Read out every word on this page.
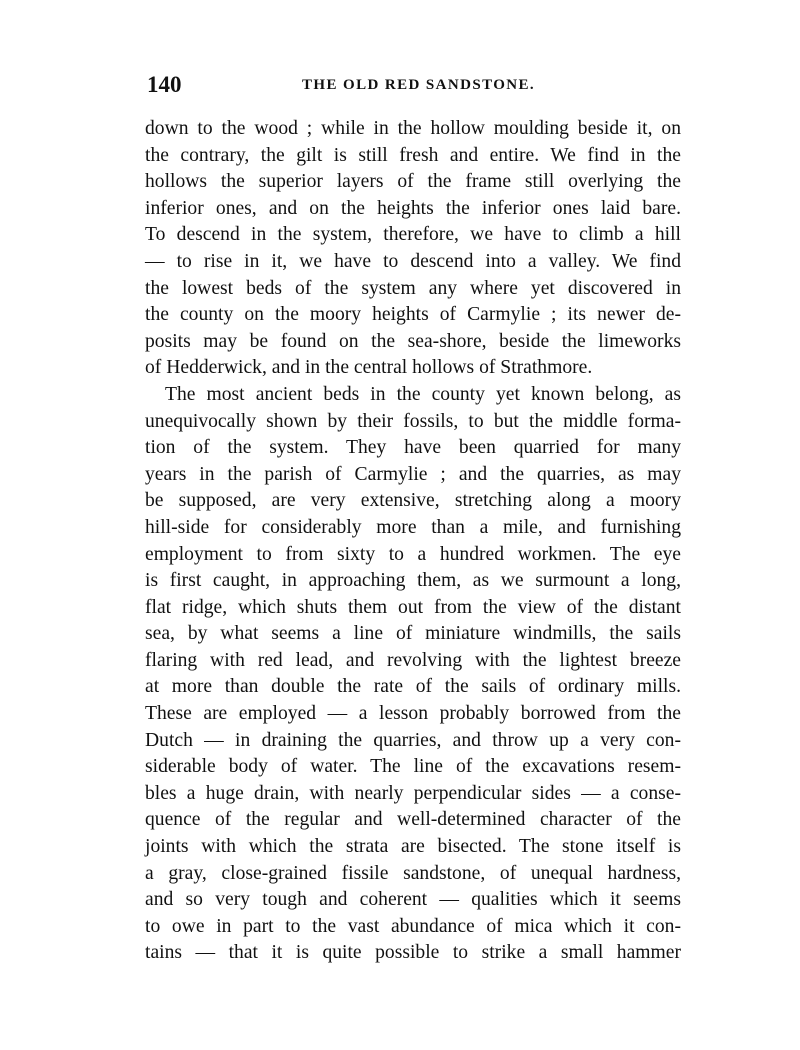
140	THE OLD RED SANDSTONE.
down to the wood ; while in the hollow moulding beside it, on
the contrary, the gilt is still fresh and entire. We find in the
hollows the superior layers of the frame still overlying the
inferior ones, and on the heights the inferior ones laid bare.
To descend in the system, therefore, we have to climb a hill
— to rise in it, we have to descend into a valley. We find
the lowest beds of the system any where yet discovered in
the county on the moory heights of Carmylie ; its newer de-
posits may be found on the sea-shore, beside the limeworks
of Hedderwick, and in the central hollows of Strathmore.
The most ancient beds in the county yet known belong, as
unequivocally shown by their fossils, to but the middle forma-
tion of the system. They have been quarried for many
years in the parish of Carmylie ; and the quarries, as may
be supposed, are very extensive, stretching along a moory
hill-side for considerably more than a mile, and furnishing
employment to from sixty to a hundred workmen. The eye
is first caught, in approaching them, as we surmount a long,
flat ridge, which shuts them out from the view of the distant
sea, by what seems a line of miniature windmills, the sails
flaring with red lead, and revolving with the lightest breeze
at more than double the rate of the sails of ordinary mills.
These are employed — a lesson probably borrowed from the
Dutch — in draining the quarries, and throw up a very con-
siderable body of water. The line of the excavations resem-
bles a huge drain, with nearly perpendicular sides — a conse-
quence of the regular and well-determined character of the
joints with which the strata are bisected. The stone itself is
a gray, close-grained fissile sandstone, of unequal hardness,
and so very tough and coherent — qualities which it seems
to owe in part to the vast abundance of mica which it con-
tains — that it is quite possible to strike a small hammer
